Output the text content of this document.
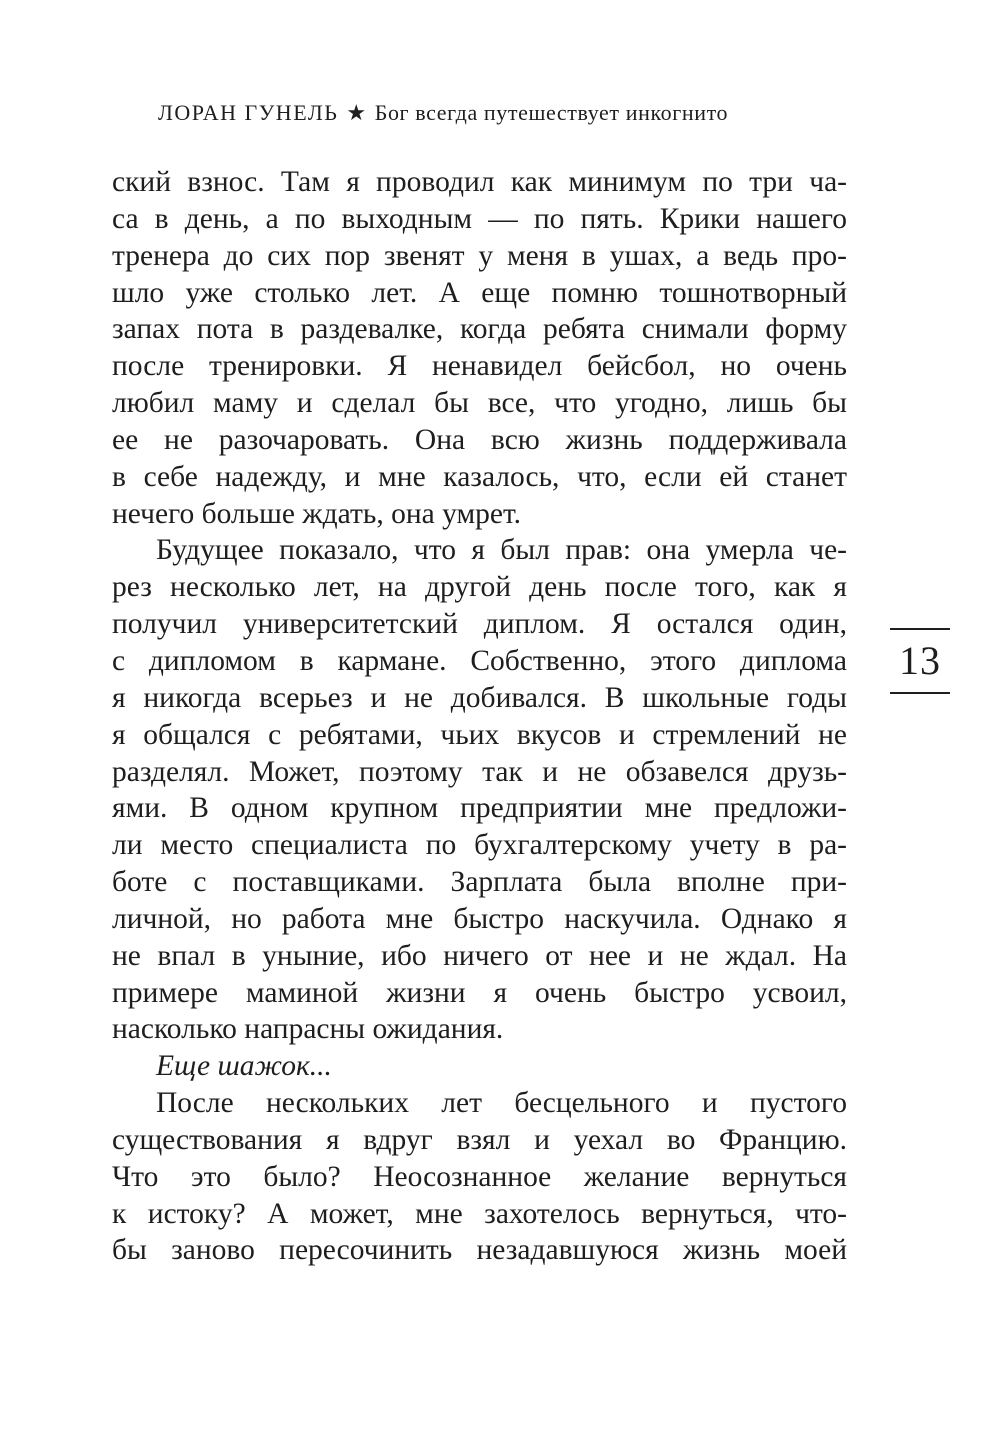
ЛОРАН ГУНЕЛЬ ★ Бог всегда путешествует инкогнито
ский взнос. Там я проводил как минимум по три ча-
са в день, а по выходным — по пять. Крики нашего
тренера до сих пор звенят у меня в ушах, а ведь про-
шло уже столько лет. А еще помню тошнотворный
запах пота в раздевалке, когда ребята снимали форму
после тренировки. Я ненавидел бейсбол, но очень
любил маму и сделал бы все, что угодно, лишь бы
ее не разочаровать. Она всю жизнь поддерживала
в себе надежду, и мне казалось, что, если ей станет
нечего больше ждать, она умрет.
Будущее показало, что я был прав: она умерла че-
рез несколько лет, на другой день после того, как я
получил университетский диплом. Я остался один,
с дипломом в кармане. Собственно, этого диплома
я никогда всерьез и не добивался. В школьные годы
я общался с ребятами, чьих вкусов и стремлений не
разделял. Может, поэтому так и не обзавелся друзь-
ями. В одном крупном предприятии мне предложи-
ли место специалиста по бухгалтерскому учету в ра-
боте с поставщиками. Зарплата была вполне при-
личной, но работа мне быстро наскучила. Однако я
не впал в уныние, ибо ничего от нее и не ждал. На
примере маминой жизни я очень быстро усвоил,
насколько напрасны ожидания.
Еще шажок...
После нескольких лет бесцельного и пустого
существования я вдруг взял и уехал во Францию.
Что это было? Неосознанное желание вернуться
к истоку? А может, мне захотелось вернуться, что-
бы заново пересочинить незадавшуюся жизнь моей
13
